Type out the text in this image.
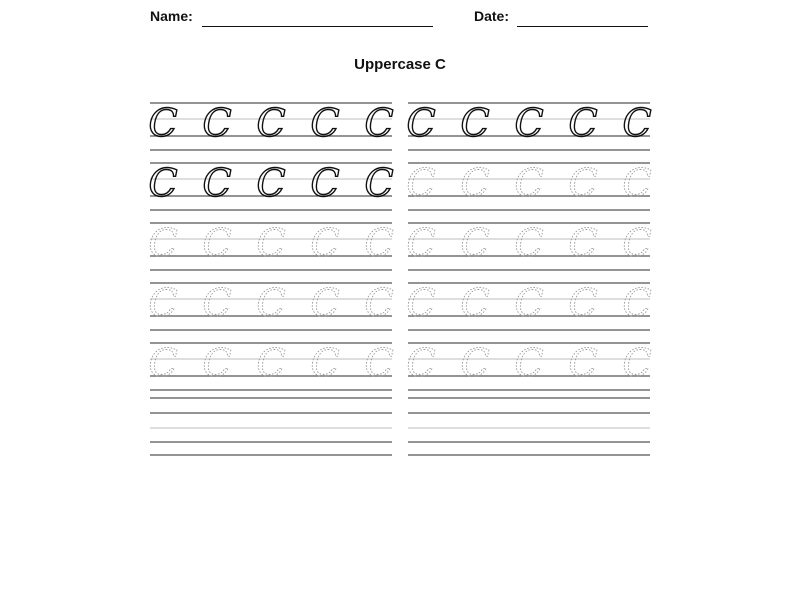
Name:	Date:
Uppercase C
C C C C C C C C C C
C C C C C C C C C C
C C C C C C C C C C
C C C C C C C C C C
C C C C C C C C C C
